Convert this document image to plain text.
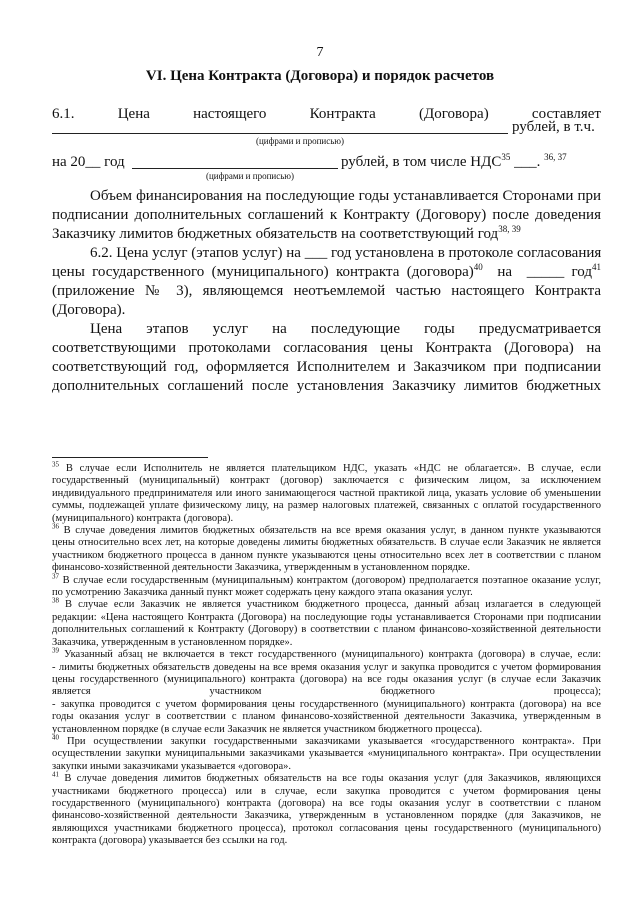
7
VI. Цена Контракта (Договора) и порядок расчетов
6.1.	Цена	настоящего	Контракта	(Договора)	составляет
рублей, в т.ч.
(цифрами и прописью)
на 20__ год	рублей, в том числе НДС$^{35}$ ___. $^{36, 37}$
(цифрами и прописью)
Объем финансирования на последующие годы устанавливается Сторонами при
подписании дополнительных соглашений к Контракту (Договору) после доведения
Заказчику лимитов бюджетных обязательств на соответствующий год$^{38, 39}$
6.2. Цена услуг (этапов услуг) на ___ год установлена в протоколе согласования
цены государственного (муниципального) контракта (договора)$^{40}$ на _____ год$^{41}$
(приложение № 3), являющемся неотъемлемой частью настоящего Контракта
(Договора).
Цена этапов услуг на последующие годы предусматривается
соответствующими протоколами согласования цены Контракта (Договора) на
соответствующий год, оформляется Исполнителем и Заказчиком при подписании
дополнительных соглашений после установления Заказчику лимитов бюджетных
$^{35}$ В случае если Исполнитель не является плательщиком НДС, указать «НДС не облагается». В случае, если
государственный (муниципальный) контракт (договор) заключается с физическим лицом, за исключением
индивидуального предпринимателя или иного занимающегося частной практикой лица, указать условие об уменьшении
суммы, подлежащей уплате физическому лицу, на размер налоговых платежей, связанных с оплатой государственного
(муниципального) контракта (договора).
$^{36}$ В случае доведения лимитов бюджетных обязательств на все время оказания услуг, в данном пункте указываются
цены относительно всех лет, на которые доведены лимиты бюджетных обязательств. В случае если Заказчик не является
участником бюджетного процесса в данном пункте указываются цены относительно всех лет в соответствии с планом
финансово-хозяйственной деятельности Заказчика, утвержденным в установленном порядке.
$^{37}$ В случае если государственным (муниципальным) контрактом (договором) предполагается поэтапное оказание услуг,
по усмотрению Заказчика данный пункт может содержать цену каждого этапа оказания услуг.
$^{38}$ В случае если Заказчик не является участником бюджетного процесса, данный абзац излагается в следующей
редакции: «Цена настоящего Контракта (Договора) на последующие годы устанавливается Сторонами при подписании
дополнительных соглашений к Контракту (Договору) в соответствии с планом финансово-хозяйственной деятельности
Заказчика, утвержденным в установленном порядке».
$^{39}$ Указанный абзац не включается в текст государственного (муниципального) контракта (договора) в случае, если:
- лимиты бюджетных обязательств доведены на все время оказания услуг и закупка проводится с учетом формирования
цены государственного (муниципального) контракта (договора) на все годы оказания услуг (в случае если Заказчик
является участником бюджетного процесса);
- закупка проводится с учетом формирования цены государственного (муниципального) контракта (договора) на все
годы оказания услуг в соответствии с планом финансово-хозяйственной деятельности Заказчика, утвержденным в
установленном порядке (в случае если Заказчик не является участником бюджетного процесса).
$^{40}$ При осуществлении закупки государственными заказчиками указывается «государственного контракта». При
осуществлении закупки муниципальными заказчиками указывается «муниципального контракта». При осуществлении
закупки иными заказчиками указывается «договора».
$^{41}$ В случае доведения лимитов бюджетных обязательств на все годы оказания услуг (для Заказчиков, являющихся
участниками бюджетного процесса) или в случае, если закупка проводится с учетом формирования цены
государственного (муниципального) контракта (договора) на все годы оказания услуг в соответствии с планом
финансово-хозяйственной деятельности Заказчика, утвержденным в установленном порядке (для Заказчиков, не
являющихся участниками бюджетного процесса), протокол согласования цены государственного (муниципального)
контракта (договора) указывается без ссылки на год.
